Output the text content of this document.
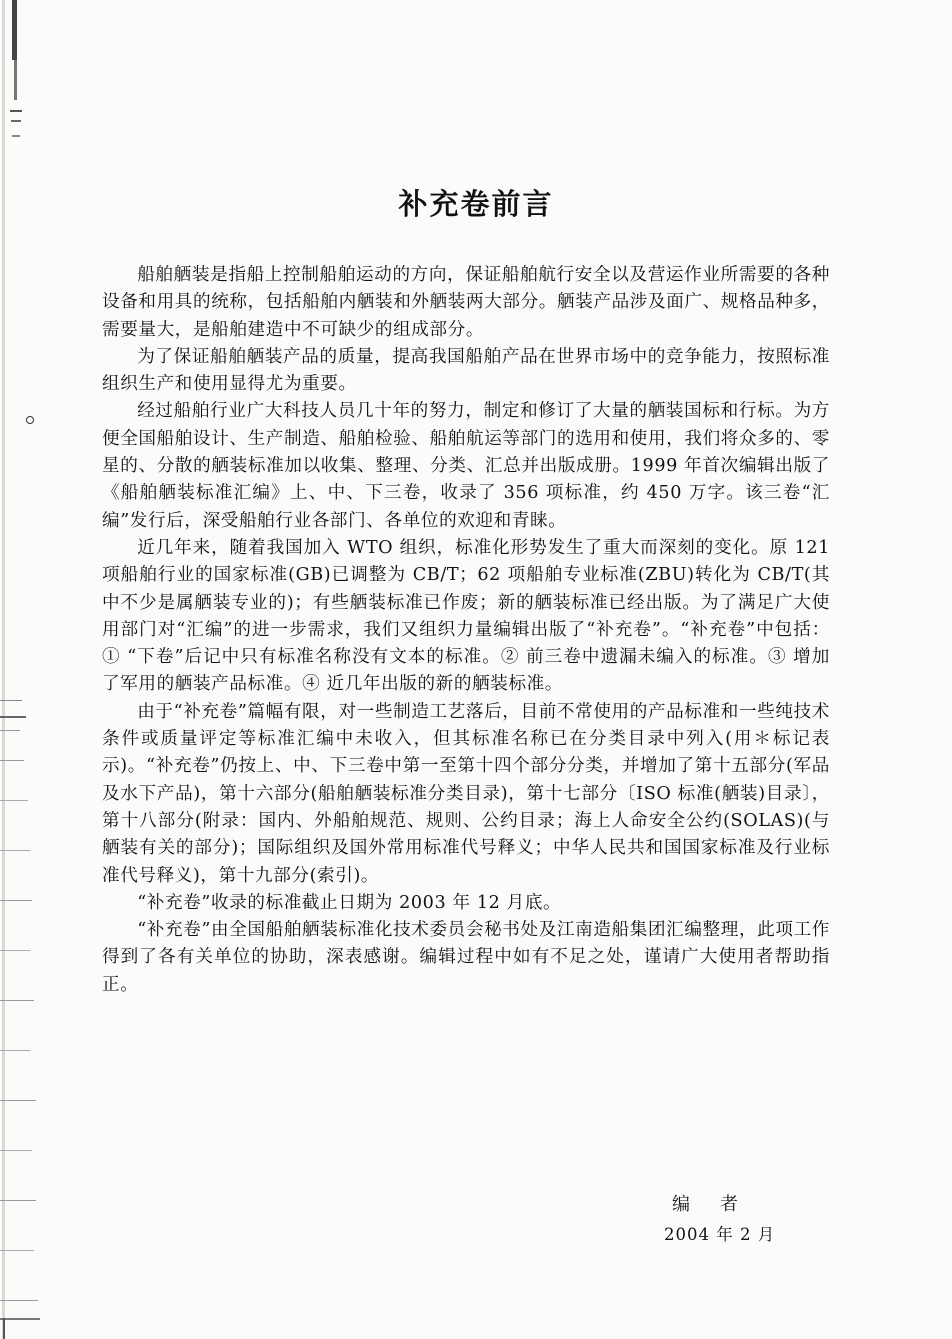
补充卷前言

船舶舾装是指船上控制船舶运动的方向，保证船舶航行安全以及营运作业所需要的各种设备和用具的统称，包括船舶内舾装和外舾装两大部分。舾装产品涉及面广、规格品种多，需要量大，是船舶建造中不可缺少的组成部分。

为了保证船舶舾装产品的质量，提高我国船舶产品在世界市场中的竞争能力，按照标准组织生产和使用显得尤为重要。

经过船舶行业广大科技人员几十年的努力，制定和修订了大量的舾装国标和行标。为方便全国船舶设计、生产制造、船舶检验、船舶航运等部门的选用和使用，我们将众多的、零星的、分散的舾装标准加以收集、整理、分类、汇总并出版成册。1999 年首次编辑出版了《船舶舾装标准汇编》上、中、下三卷，收录了 356 项标准，约 450 万字。该三卷“汇编”发行后，深受船舶行业各部门、各单位的欢迎和青睐。

近几年来，随着我国加入 WTO 组织，标准化形势发生了重大而深刻的变化。原 121 项船舶行业的国家标准(GB)已调整为 CB/T；62 项船舶专业标准(ZBU)转化为 CB/T(其中不少是属舾装专业的)；有些舾装标准已作废；新的舾装标准已经出版。为了满足广大使用部门对“汇编”的进一步需求，我们又组织力量编辑出版了“补充卷”。“补充卷”中包括：① “下卷”后记中只有标准名称没有文本的标准。② 前三卷中遗漏未编入的标准。③ 增加了军用的舾装产品标准。④ 近几年出版的新的舾装标准。

由于“补充卷”篇幅有限，对一些制造工艺落后，目前不常使用的产品标准和一些纯技术条件或质量评定等标准汇编中未收入，但其标准名称已在分类目录中列入(用＊标记表示)。“补充卷”仍按上、中、下三卷中第一至第十四个部分分类，并增加了第十五部分(军品及水下产品)，第十六部分(船舶舾装标准分类目录)，第十七部分〔ISO 标准(舾装)目录〕，第十八部分(附录：国内、外船舶规范、规则、公约目录；海上人命安全公约(SOLAS)(与舾装有关的部分)；国际组织及国外常用标准代号释义；中华人民共和国国家标准及行业标准代号释义)，第十九部分(索引)。

“补充卷”收录的标准截止日期为 2003 年 12 月底。

“补充卷”由全国船舶舾装标准化技术委员会秘书处及江南造船集团汇编整理，此项工作得到了各有关单位的协助，深表感谢。编辑过程中如有不足之处，谨请广大使用者帮助指正。

编者
2004 年 2 月
